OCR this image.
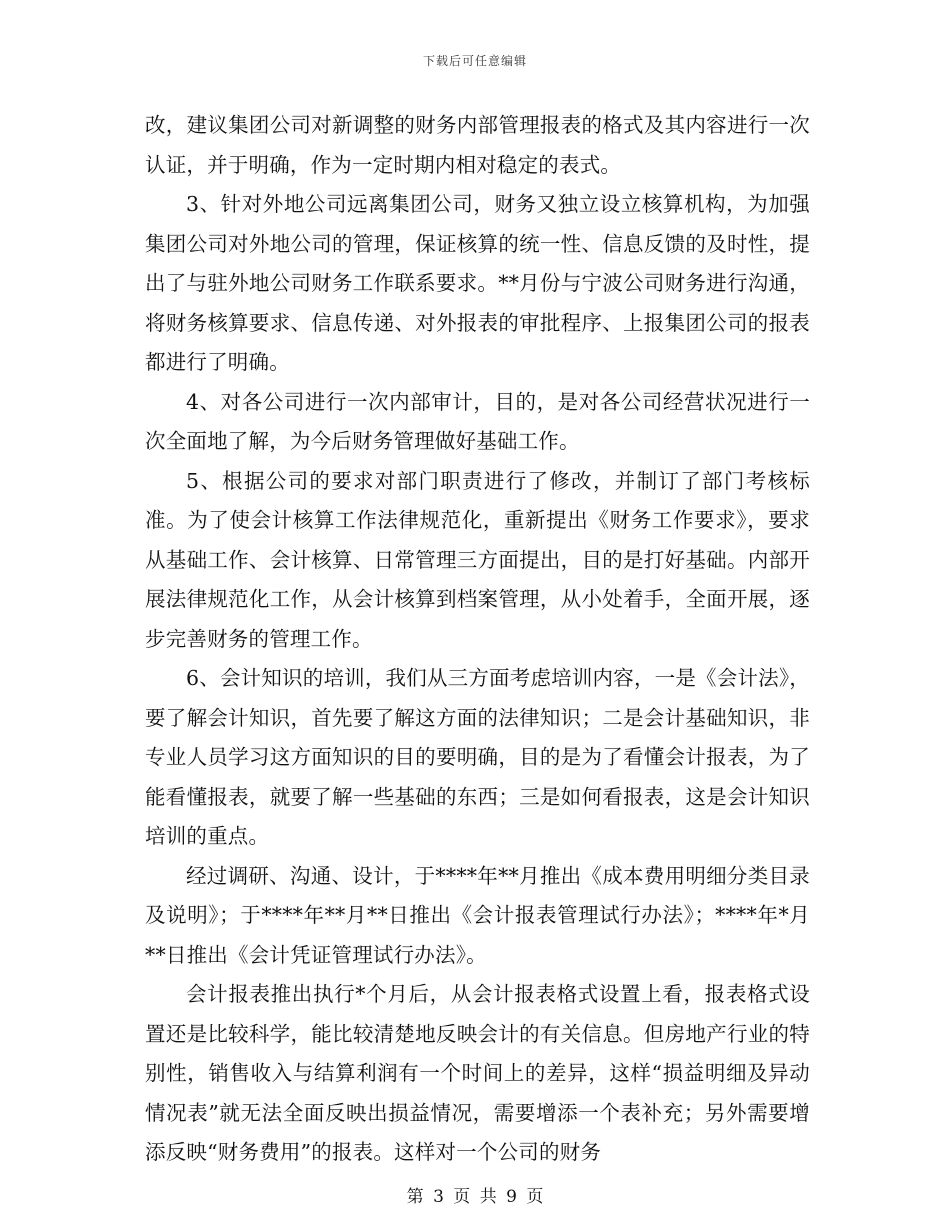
下载后可任意编辑

改，建议集团公司对新调整的财务内部管理报表的格式及其内容进行一次认证，并于明确，作为一定时期内相对稳定的表式。

3、针对外地公司远离集团公司，财务又独立设立核算机构，为加强集团公司对外地公司的管理，保证核算的统一性、信息反馈的及时性，提出了与驻外地公司财务工作联系要求。**月份与宁波公司财务进行沟通，将财务核算要求、信息传递、对外报表的审批程序、上报集团公司的报表都进行了明确。

4、对各公司进行一次内部审计，目的，是对各公司经营状况进行一次全面地了解，为今后财务管理做好基础工作。

5、根据公司的要求对部门职责进行了修改，并制订了部门考核标准。为了使会计核算工作法律规范化，重新提出《财务工作要求》，要求从基础工作、会计核算、日常管理三方面提出，目的是打好基础。内部开展法律规范化工作，从会计核算到档案管理，从小处着手，全面开展，逐步完善财务的管理工作。

6、会计知识的培训，我们从三方面考虑培训内容，一是《会计法》，要了解会计知识，首先要了解这方面的法律知识；二是会计基础知识，非专业人员学习这方面知识的目的要明确，目的是为了看懂会计报表，为了能看懂报表，就要了解一些基础的东西；三是如何看报表，这是会计知识培训的重点。

经过调研、沟通、设计，于****年**月推出《成本费用明细分类目录及说明》；于****年**月**日推出《会计报表管理试行办法》；****年*月**日推出《会计凭证管理试行办法》。

会计报表推出执行*个月后，从会计报表格式设置上看，报表格式设置还是比较科学，能比较清楚地反映会计的有关信息。但房地产行业的特别性，销售收入与结算利润有一个时间上的差异，这样“损益明细及异动情况表”就无法全面反映出损益情况，需要增添一个表补充；另外需要增添反映“财务费用”的报表。这样对一个公司的财务

第 3 页 共 9 页
